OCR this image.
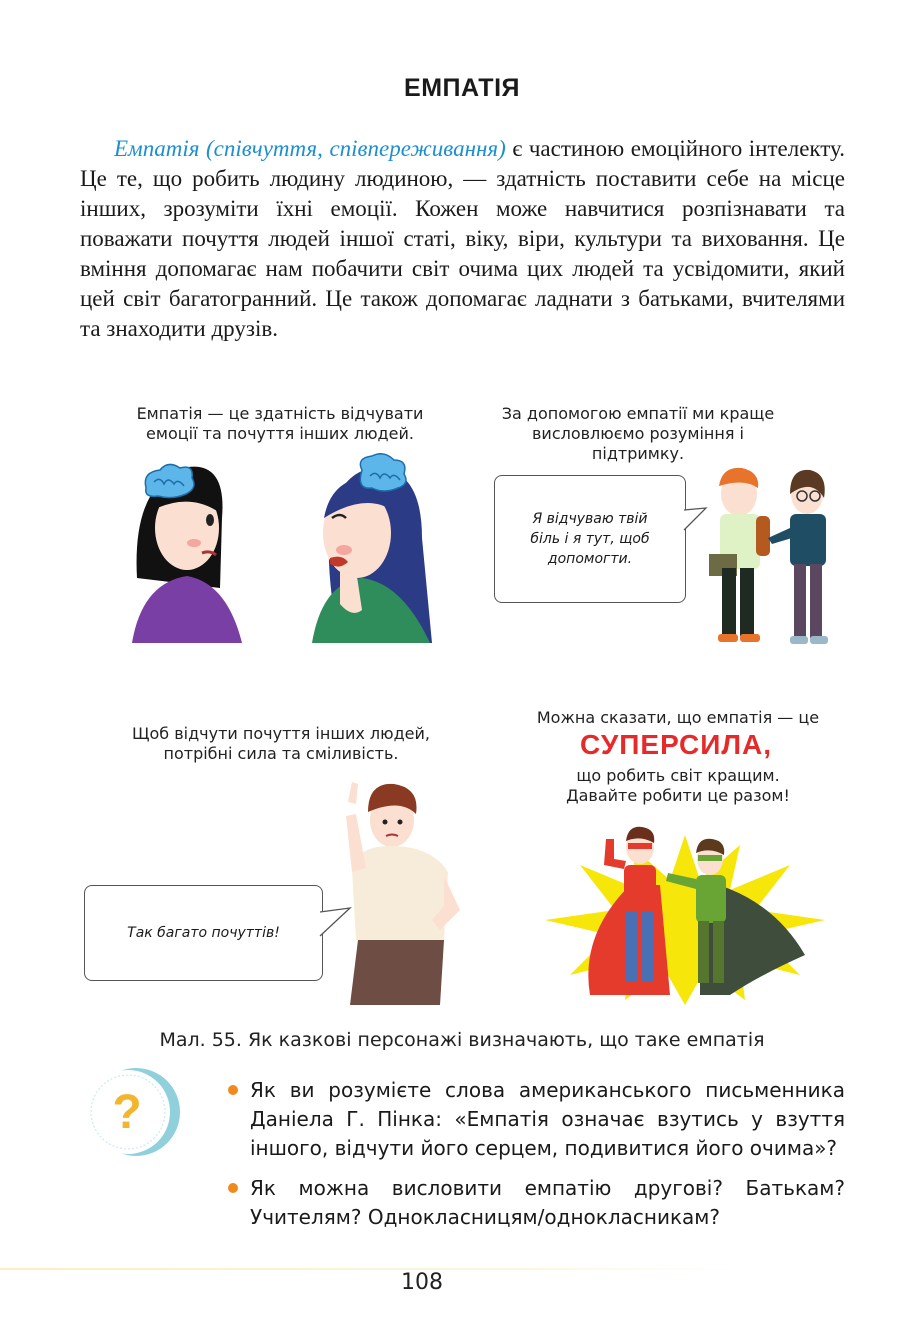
ЕМПАТІЯ
Емпатія (співчуття, співпереживання) є частиною емоційного інтелекту. Це те, що робить людину людиною, — здатність поставити себе на місце інших, зрозуміти їхні емоції. Кожен може навчитися розпізнавати та поважати почуття людей іншої статі, віку, віри, культури та виховання. Це вміння допомагає нам побачити світ очима цих людей та усвідомити, який цей світ багатогранний. Це також допомагає ладнати з батьками, вчителями та знаходити друзів.
Емпатія — це здатність відчувати
емоції та почуття інших людей.
За допомогою емпатії ми краще
висловлюємо розуміння і
підтримку.
Я відчуваю твій
біль і я тут, щоб
допомогти.
Щоб відчути почуття інших людей,
потрібні сила та сміливість.
Так багато почуттів!
Можна сказати, що емпатія — це
СУПЕРСИЛА,
що робить світ кращим.
Давайте робити це разом!
Мал. 55. Як казкові персонажі визначають, що таке емпатія
?	Як ви розумієте слова американського письменника Даніела Г. Пінка: «Емпатія означає взутись у взуття іншого, відчути його серцем, подивитися його очима»?
Як можна висловити емпатію другові? Батькам? Учителям? Однокласницям/однокласникам?
108
